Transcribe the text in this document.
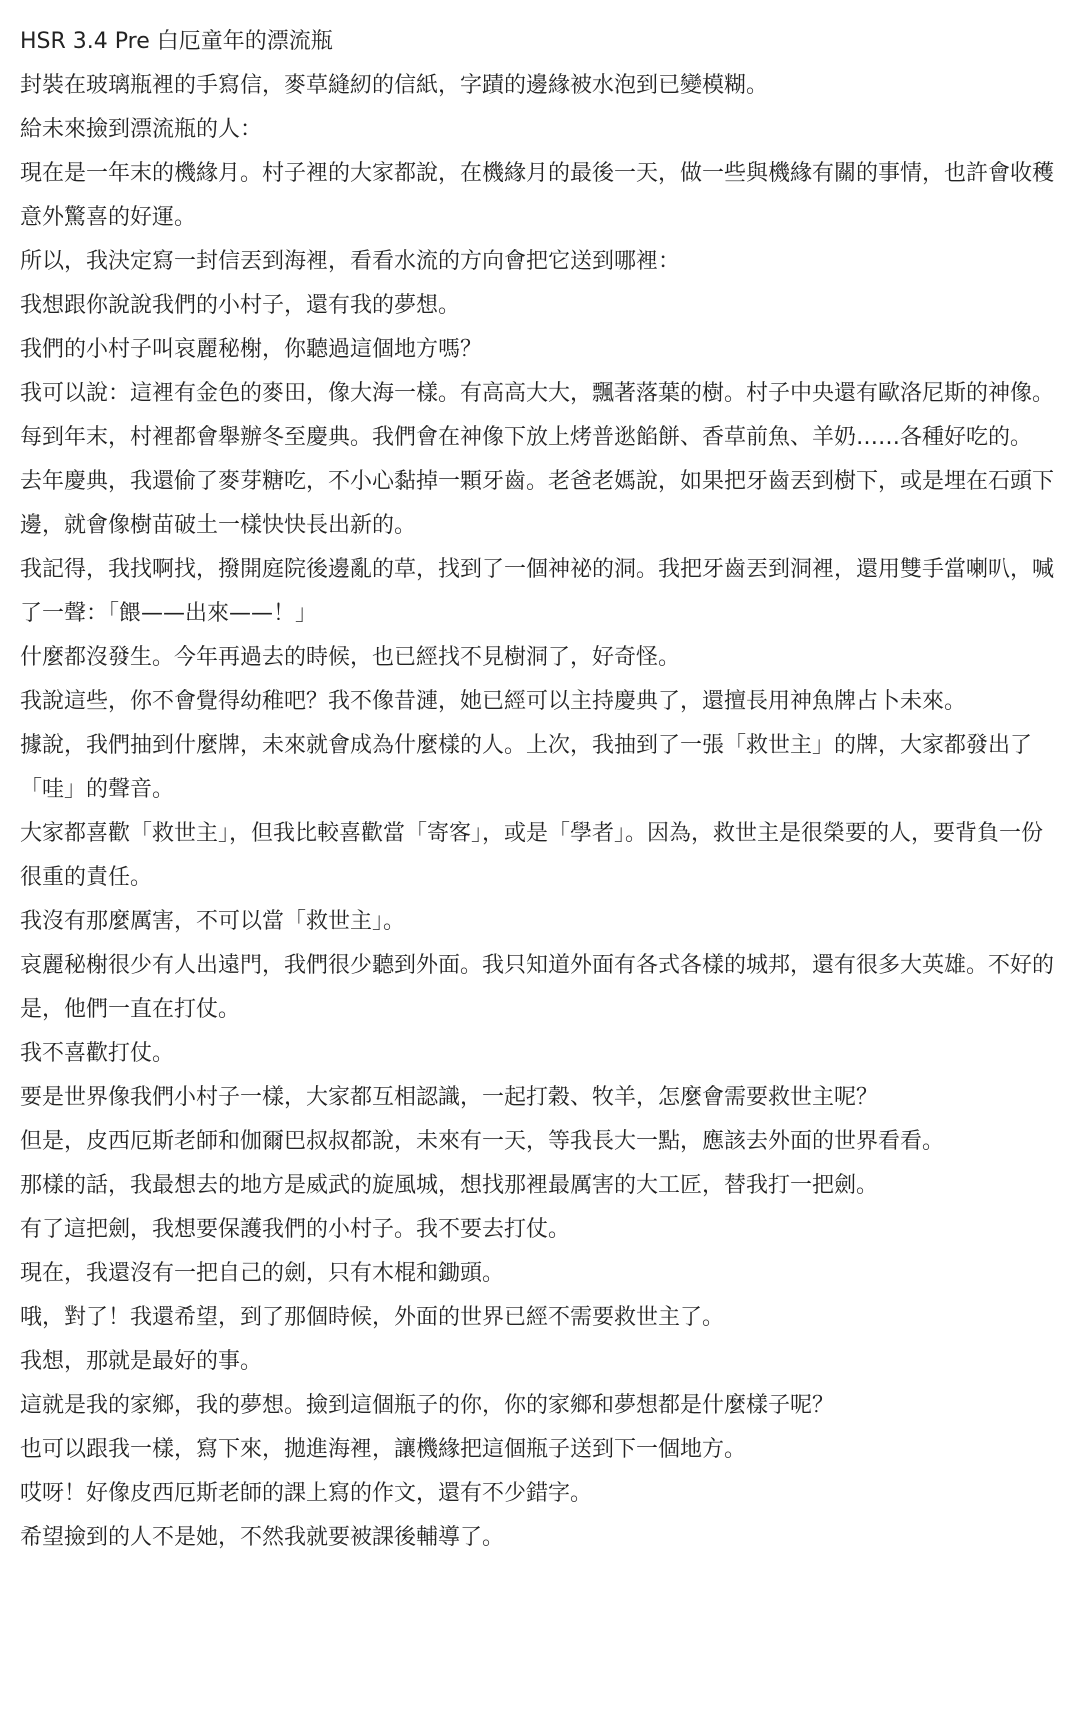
HSR 3.4 Pre 白厄童年的漂流瓶

封裝在玻璃瓶裡的手寫信，麥草縫紉的信紙，字蹟的邊緣被水泡到已變模糊。

給未來撿到漂流瓶的人：

現在是一年末的機緣月。村子裡的大家都說，在機緣月的最後一天，做一些與機緣有關的事情，也許會收穫意外驚喜的好運。

所以，我決定寫一封信丟到海裡，看看水流的方向會把它送到哪裡：

我想跟你說說我們的小村子，還有我的夢想。

我們的小村子叫哀麗秘榭，你聽過這個地方嗎？

我可以說：這裡有金色的麥田，像大海一樣。有高高大大，飄著落葉的樹。村子中央還有歐洛尼斯的神像。

每到年末，村裡都會舉辦冬至慶典。我們會在神像下放上烤普逖餡餅、香草前魚、羊奶……各種好吃的。

去年慶典，我還偷了麥芽糖吃，不小心黏掉一顆牙齒。老爸老媽說，如果把牙齒丟到樹下，或是埋在石頭下邊，就會像樹苗破土一樣快快長出新的。

我記得，我找啊找，撥開庭院後邊亂的草，找到了一個神祕的洞。我把牙齒丟到洞裡，還用雙手當喇叭，喊了一聲：「餵——出來——！」

什麼都沒發生。今年再過去的時候，也已經找不見樹洞了，好奇怪。

我說這些，你不會覺得幼稚吧？我不像昔漣，她已經可以主持慶典了，還擅長用神魚牌占卜未來。

據說，我們抽到什麼牌，未來就會成為什麼樣的人。上次，我抽到了一張「救世主」的牌，大家都發出了「哇」的聲音。

大家都喜歡「救世主」，但我比較喜歡當「寄客」，或是「學者」。因為，救世主是很榮要的人，要背負一份很重的責任。

我沒有那麼厲害，不可以當「救世主」。

哀麗秘榭很少有人出遠門，我們很少聽到外面。我只知道外面有各式各樣的城邦，還有很多大英雄。不好的是，他們一直在打仗。

我不喜歡打仗。

要是世界像我們小村子一樣，大家都互相認識，一起打穀、牧羊，怎麼會需要救世主呢？

但是，皮西厄斯老師和伽爾巴叔叔都說，未來有一天，等我長大一點，應該去外面的世界看看。

那樣的話，我最想去的地方是威武的旋風城，想找那裡最厲害的大工匠，替我打一把劍。

有了這把劍，我想要保護我們的小村子。我不要去打仗。

現在，我還沒有一把自己的劍，只有木棍和鋤頭。

哦，對了！我還希望，到了那個時候，外面的世界已經不需要救世主了。

我想，那就是最好的事。

這就是我的家鄉，我的夢想。撿到這個瓶子的你，你的家鄉和夢想都是什麼樣子呢？

也可以跟我一樣，寫下來，拋進海裡，讓機緣把這個瓶子送到下一個地方。

哎呀！好像皮西厄斯老師的課上寫的作文，還有不少錯字。

希望撿到的人不是她，不然我就要被課後輔導了。
